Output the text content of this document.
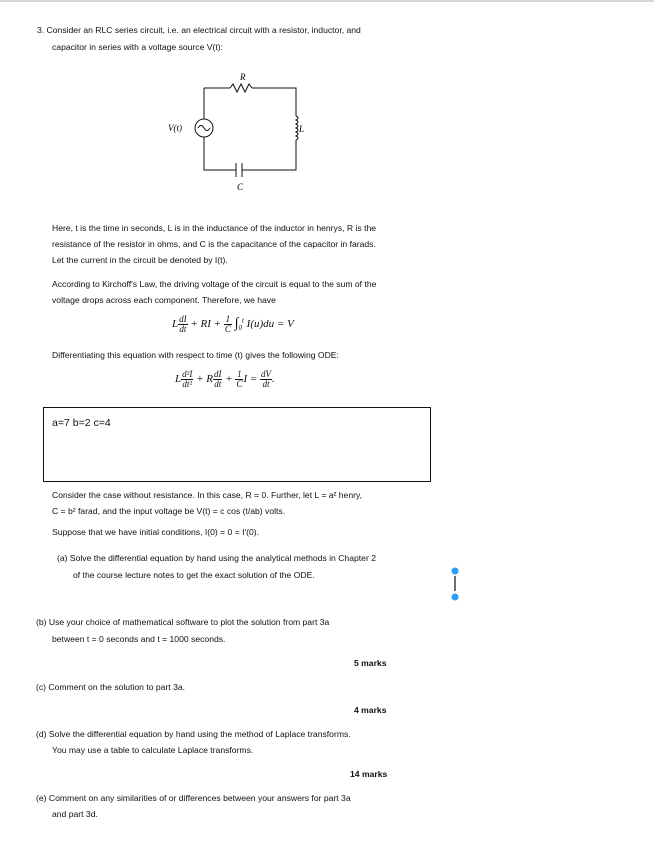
3. Consider an RLC series circuit, i.e. an electrical circuit with a resistor, inductor, and
capacitor in series with a voltage source V(t):
R
L
C
V(t)
Here, t is the time in seconds, L is in the inductance of the inductor in henrys, R is the
resistance of the resistor in ohms, and C is the capacitance of the capacitor in farads.
Let the current in the circuit be denoted by I(t).
According to Kirchoff's Law, the driving voltage of the circuit is equal to the sum of the
voltage drops across each component. Therefore, we have
L $\frac{dI}{dt}$ + RI + $\frac{1}{C} \int_0^t$ I(u)du = V
Differentiating this equation with respect to time (t) gives the following ODE:
L $\frac{\text{d²I}}{\text{dt²}} + R \frac{dI}{dt} + \frac{1}{C}$ $I = \frac{dV}{dt}$ .
a=7 b=2 c=4
Consider the case without resistance. In this case, R = 0. Further, let L = a² henry,
C = b² farad, and the input voltage be V(t) = c cos (t/ab) volts.
Suppose that we have initial conditions, I(0) = 0 = I′(0).
(a) Solve the differential equation by hand using the analytical methods in Chapter 2
of the course lecture notes to get the exact solution of the ODE.
(b) Use your choice of mathematical software to plot the solution from part 3a
between t = 0 seconds and t = 1000 seconds.
5 marks
(c) Comment on the solution to part 3a.
4 marks
(d) Solve the differential equation by hand using the method of Laplace transforms.
You may use a table to calculate Laplace transforms.
14 marks
(e) Comment on any similarities of or differences between your answers for part 3a
and part 3d.
